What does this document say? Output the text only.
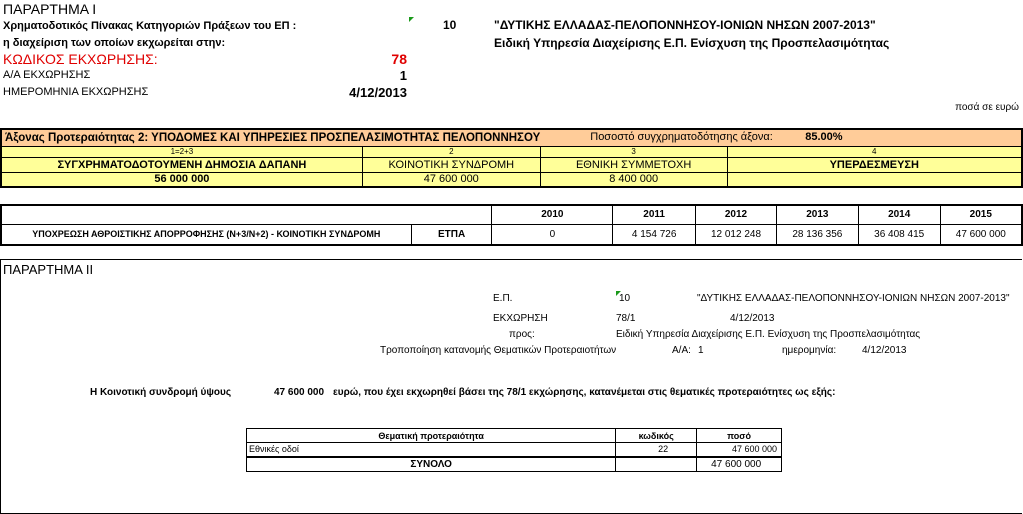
ΠΑΡΑΡΤΗΜΑ Ι
Χρηματοδοτικός Πίνακας Κατηγοριών Πράξεων του ΕΠ :
η διαχείριση των οποίων εκχωρείται στην:
10	"ΔΥΤΙΚΗΣ ΕΛΛΑΔΑΣ-ΠΕΛΟΠΟΝΝΗΣΟΥ-ΙΟΝΙΩΝ ΝΗΣΩΝ 2007-2013"
Ειδική Υπηρεσία Διαχείρισης Ε.Π. Ενίσχυση της Προσπελασιμότητας
ΚΩΔΙΚΟΣ ΕΚΧΩΡΗΣΗΣ:	78
Α/Α ΕΚΧΩΡΗΣΗΣ	1
ΗΜΕΡΟΜΗΝΙΑ ΕΚΧΩΡΗΣΗΣ	4/12/2013
ποσά σε ευρώ
Άξονας Προτεραιότητας 2: ΥΠΟΔΟΜΕΣ ΚΑΙ ΥΠΗΡΕΣΙΕΣ ΠΡΟΣΠΕΛΑΣΙΜΟΤΗΤΑΣ ΠΕΛΟΠΟΝΝΗΣΟΥ		Ποσοστό συγχρηματοδότησης άξονα: 85.00%	

1=2+3	2	3	4
ΣΥΓΧΡΗΜΑΤΟΔΟΤΟΥΜΕΝΗ ΔΗΜΟΣΙΑ ΔΑΠΑΝΗ	ΚΟΙΝΟΤΙΚΗ ΣΥΝΔΡΟΜΗ	ΕΘΝΙΚΗ ΣΥΜΜΕΤΟΧΗ	ΥΠΕΡΔΕΣΜΕΥΣΗ
56 000 000	47 600 000	8 400 000	
		2010	2011	2012	2013	2014	2015
ΥΠΟΧΡΕΩΣΗ ΑΘΡΟΙΣΤΙΚΗΣ ΑΠΟΡΡΟΦΗΣΗΣ (Ν+3/Ν+2) - ΚΟΙΝΟΤΙΚΗ ΣΥΝΔΡΟΜΗ	ΕΤΠΑ	0	4 154 726	12 012 248	28 136 356	36 408 415	47 600 000
ΠΑΡΑΡΤΗΜΑ ΙΙ
Ε.Π.	10	"ΔΥΤΙΚΗΣ ΕΛΛΑΔΑΣ-ΠΕΛΟΠΟΝΝΗΣΟΥ-ΙΟΝΙΩΝ ΝΗΣΩΝ 2007-2013"
ΕΚΧΩΡΗΣΗ	78/1	4/12/2013
προς:	Ειδική Υπηρεσία Διαχείρισης Ε.Π. Ενίσχυση της Προσπελασιμότητας
Τροποποίηση κατανομής Θεματικών Προτεραιοτήτων	Α/Α: 1	ημερομηνία:	4/12/2013
Η Κοινοτική συνδρομή ύψους	47 600 000 ευρώ, που έχει εκχωρηθεί βάσει της 78/1 εκχώρησης, κατανέμεται στις θεματικές προτεραιότητες ως εξής:
Θεματική προτεραιότητα	κωδικός	ποσό
Εθνικές οδοί	22	47 600 000
ΣΥΝΟΛΟ		47 600 000
